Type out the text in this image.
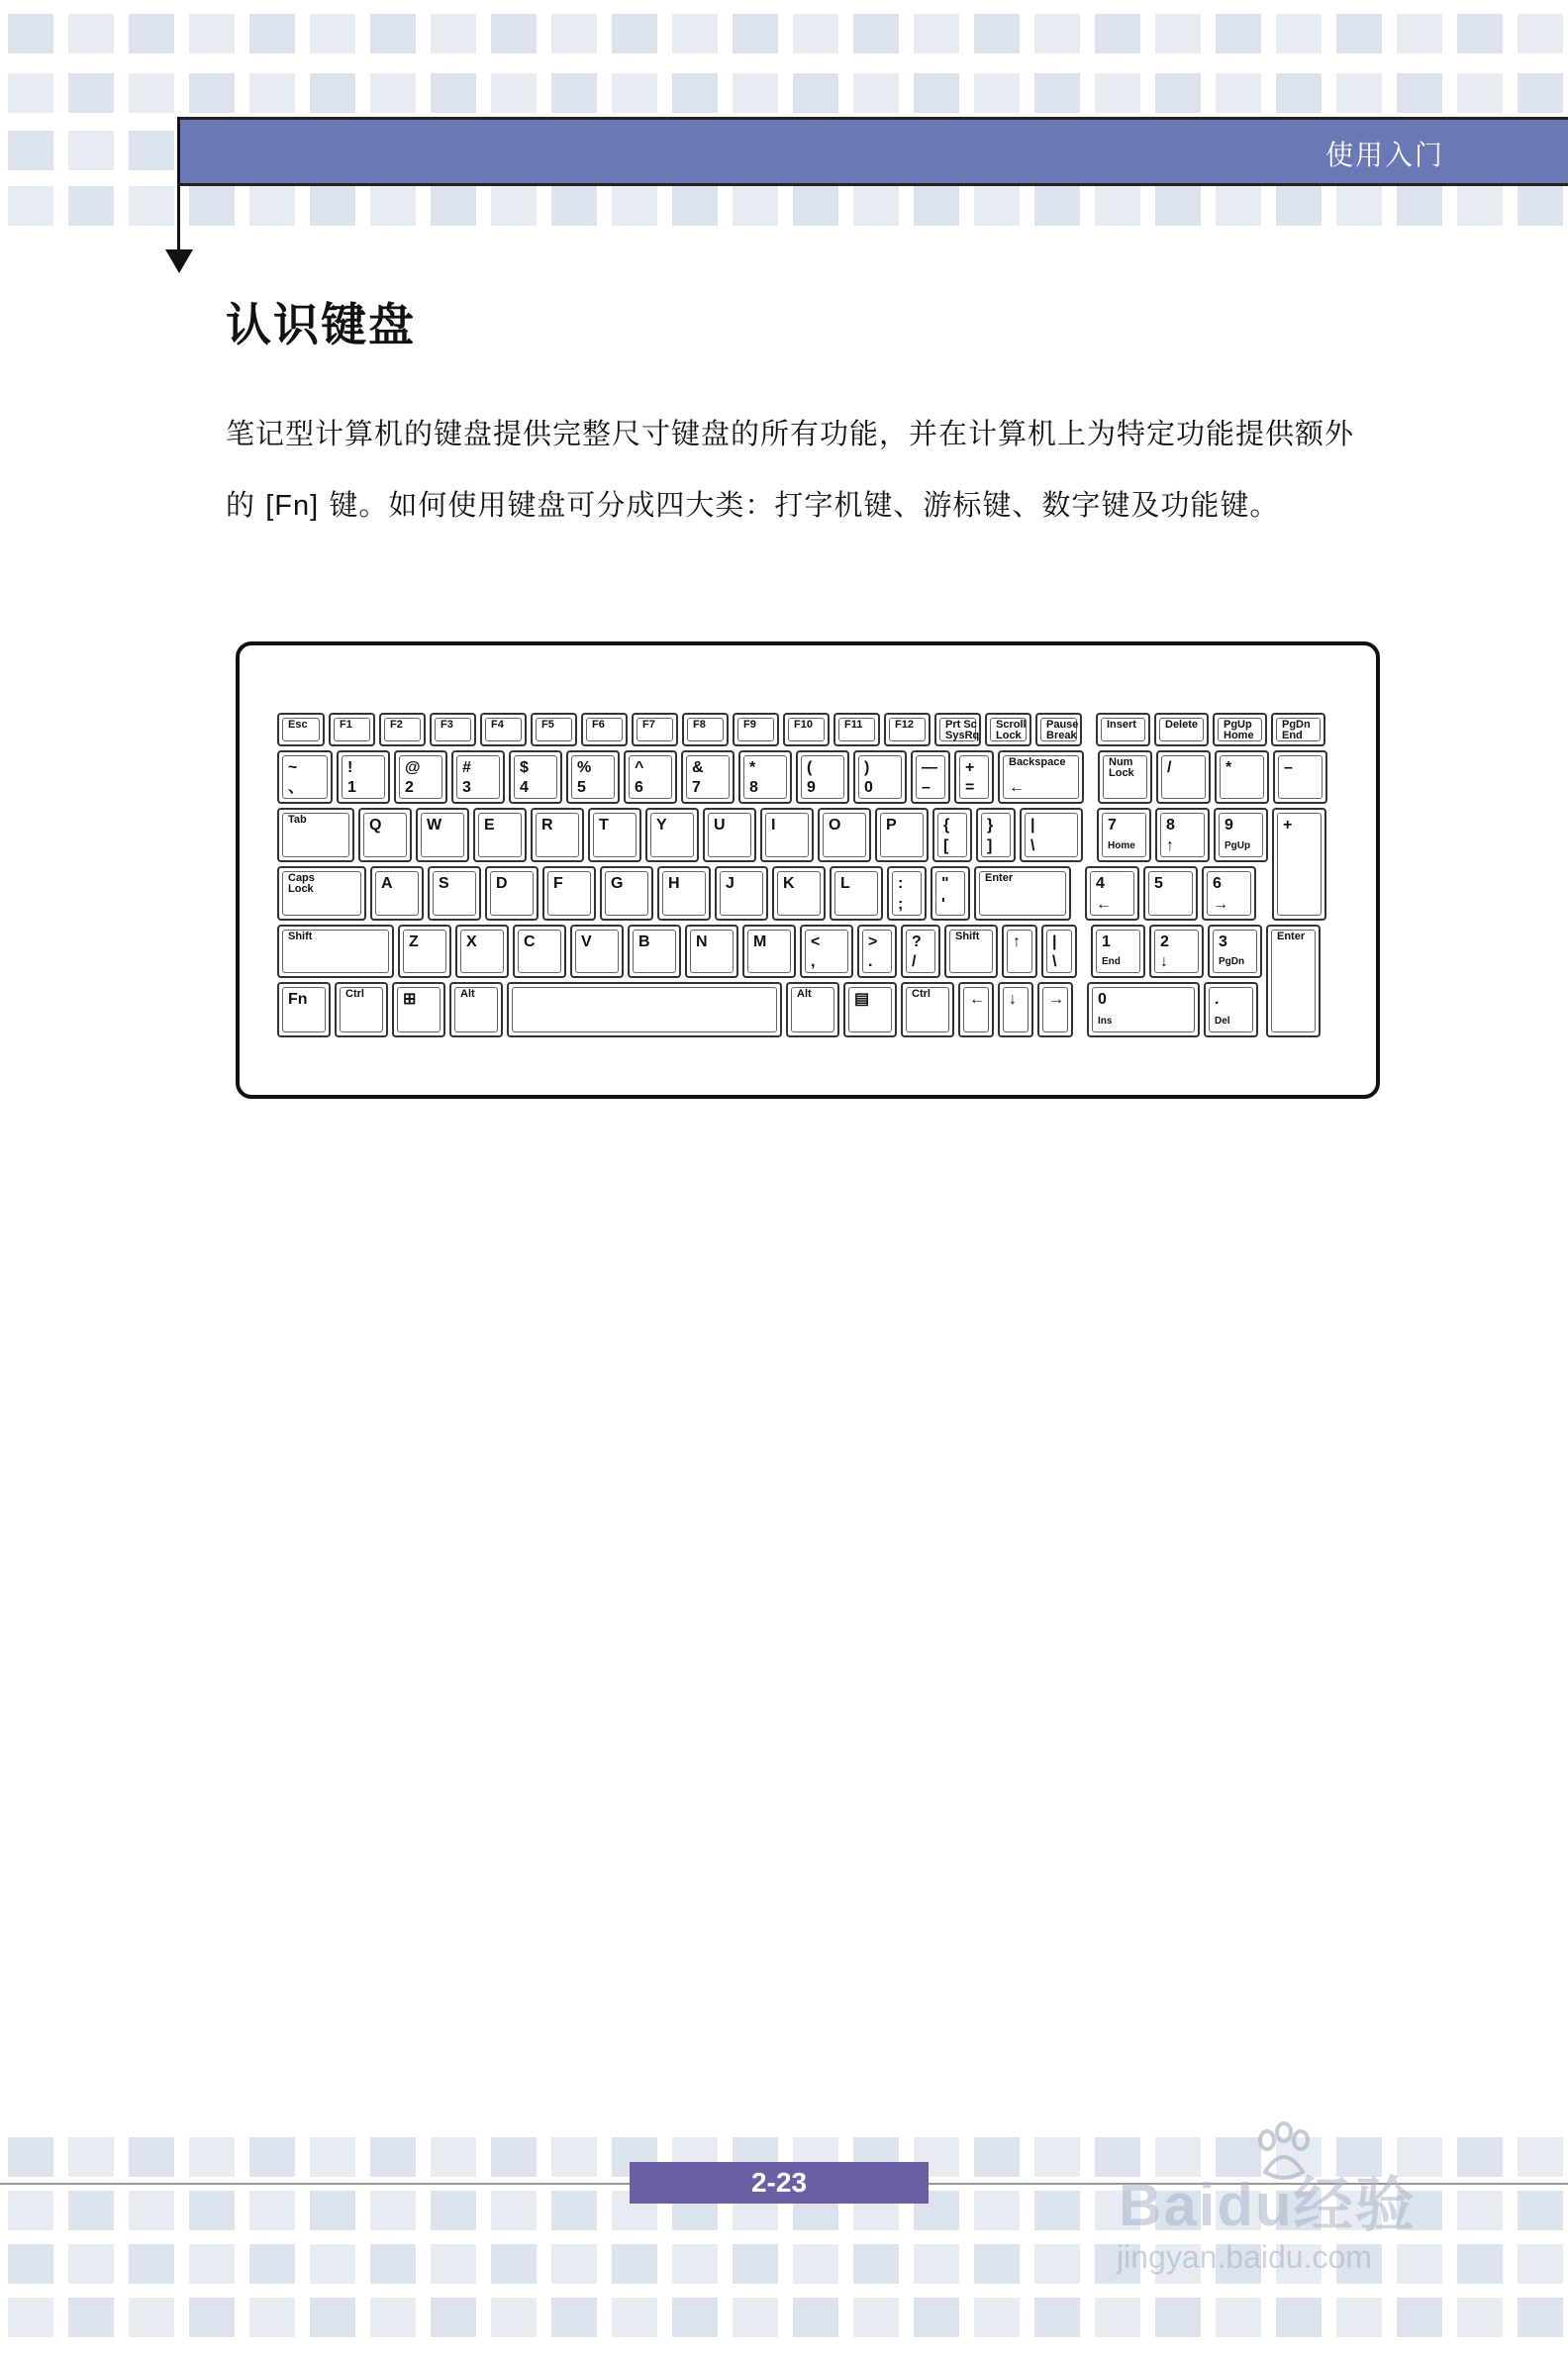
使用入门
认识键盘

笔记型计算机的键盘提供完整尺寸键盘的所有功能，并在计算机上为特定功能提供额外的 [Fn] 键。如何使用键盘可分成四大类：打字机键、游标键、数字键及功能键。

Esc	F1	F2	F3	F4	F5	F6	F7	F8	F9	F10	F11	F12	Prt Sc
SysRq
Scroll
Lock
Pause
Break
Insert	Delete PgUp
Home
PgDn
End
~
、
!
1
@
2
#
3
$
4
%
5
^
6
&
7
*
8
(
9
)
0
—
–
+
=
Backspace
←
Num
Lock /	*	–
Tab	Q	W	E	R	T	Y	U	I	O	P	{
[
}
]
|
\
7
Home
8
↑
9
PgUp
+
Caps
Lock	A	S	D	F	G	H	J	K	L	:
;
"
'
Enter	4
←
5	6
→
Shift	Z	X	C	V	B	N	M	<
,
>
.
?
/
Shift ↑ |
\
1
End
2
↓
3
PgDn
Enter
Fn	Ctrl ⊞	Alt	Alt	▤	Ctrl ← ↓ → 0
Ins
.
Del
2-23	Baidu经验
jingyan.baidu.com
